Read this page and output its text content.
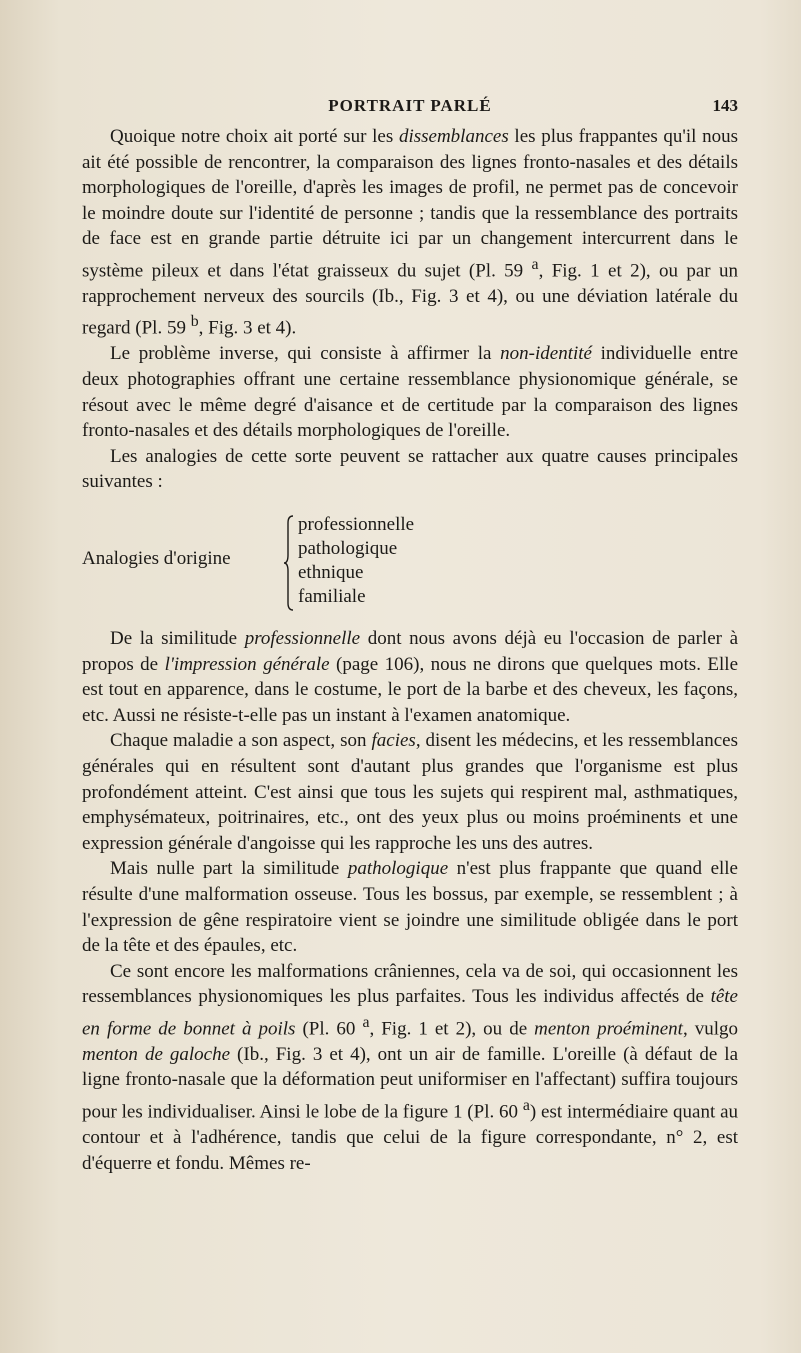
PORTRAIT PARLÉ	143

Quoique notre choix ait porté sur les dissemblances les plus frappantes qu'il nous ait été possible de rencontrer, la comparaison des lignes fronto-nasales et des détails morphologiques de l'oreille, d'après les images de profil, ne permet pas de concevoir le moindre doute sur l'identité de personne ; tandis que la ressemblance des portraits de face est en grande partie détruite ici par un changement intercurrent dans le système pileux et dans l'état graisseux du sujet (Pl. 59 $^a$, Fig. 1 et 2), ou par un rapprochement nerveux des sourcils (Ib., Fig. 3 et 4), ou une déviation latérale du regard (Pl. 59 $^b$, Fig. 3 et 4).

Le problème inverse, qui consiste à affirmer la non-identité individuelle entre deux photographies offrant une certaine ressemblance physionomique générale, se résout avec le même degré d'aisance et de certitude par la comparaison des lignes fronto-nasales et des détails morphologiques de l'oreille.

Les analogies de cette sorte peuvent se rattacher aux quatre causes principales suivantes :

Analogies d'origine
professionnelle
pathologique
ethnique
familiale

De la similitude professionnelle dont nous avons déjà eu l'occasion de parler à propos de l'impression générale (page 106), nous ne dirons que quelques mots. Elle est tout en apparence, dans le costume, le port de la barbe et des cheveux, les façons, etc. Aussi ne résiste-t-elle pas un instant à l'examen anatomique.

Chaque maladie a son aspect, son facies, disent les médecins, et les ressemblances générales qui en résultent sont d'autant plus grandes que l'organisme est plus profondément atteint. C'est ainsi que tous les sujets qui respirent mal, asthmatiques, emphysémateux, poitrinaires, etc., ont des yeux plus ou moins proéminents et une expression générale d'angoisse qui les rapproche les uns des autres.

Mais nulle part la similitude pathologique n'est plus frappante que quand elle résulte d'une malformation osseuse. Tous les bossus, par exemple, se ressemblent ; à l'expression de gêne respiratoire vient se joindre une similitude obligée dans le port de la tête et des épaules, etc.

Ce sont encore les malformations crâniennes, cela va de soi, qui occasionnent les ressemblances physionomiques les plus parfaites. Tous les individus affectés de tête en forme de bonnet à poils (Pl. 60 $^a$, Fig. 1 et 2), ou de menton proéminent, vulgo menton de galoche (Ib., Fig. 3 et 4), ont un air de famille. L'oreille (à défaut de la ligne fronto-nasale que la déformation peut uniformiser en l'affectant) suffira toujours pour les individualiser. Ainsi le lobe de la figure 1 (Pl. 60 $^a$) est intermédiaire quant au contour et à l'adhérence, tandis que celui de la figure correspondante, n° 2, est d'équerre et fondu. Mêmes re-
